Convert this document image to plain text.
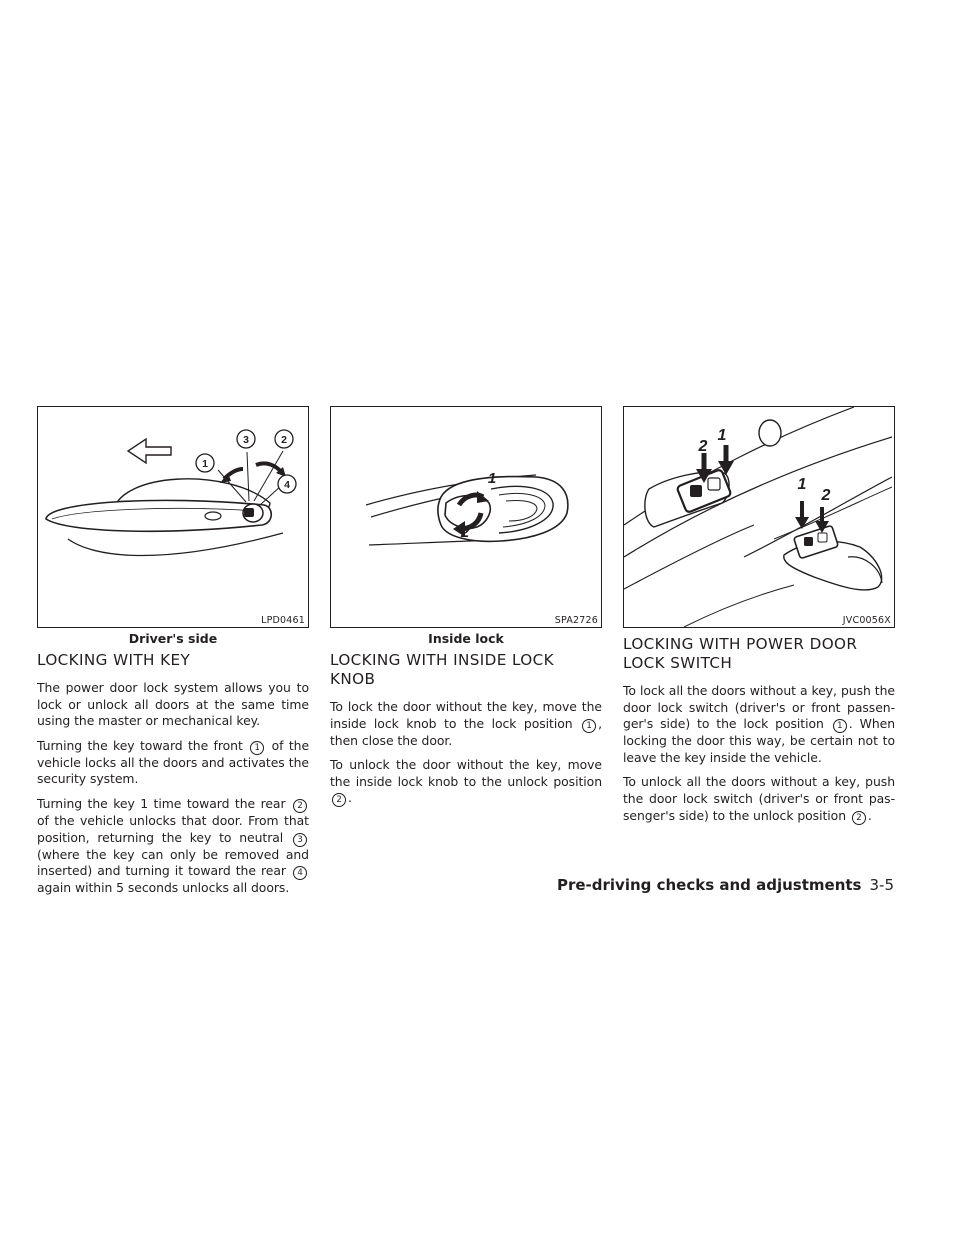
1
3	2
4
LPD0461
Driver's side
1
2
SPA2726
Inside lock
2
1
1
2
JVC0056X
LOCKING WITH KEY

The power door lock system allows you to lock or unlock all doors at the same time using the master or mechanical key.

Turning the key toward the front 1 of the vehicle locks all the doors and activates the security system.

Turning the key 1 time toward the rear 2 of the vehicle unlocks that door. From that position, returning the key to neutral 3 (where the key can only be removed and inserted) and turning it toward the rear 4 again within 5 seconds unlocks all doors.

LOCKING WITH INSIDE LOCK KNOB

To lock the door without the key, move the inside lock knob to the lock position 1 , then close the door.

To unlock the door without the key, move the inside lock knob to the unlock position 2 .

LOCKING WITH POWER DOOR LOCK SWITCH

To lock all the doors without a key, push the door lock switch (driver's or front passen- ger's side) to the lock position 1 . When locking the door this way, be certain not to leave the key inside the vehicle.

To unlock all the doors without a key, push the door lock switch (driver's or front pas- senger's side) to the unlock position 2 .

Pre-driving checks and adjustments 3-5
